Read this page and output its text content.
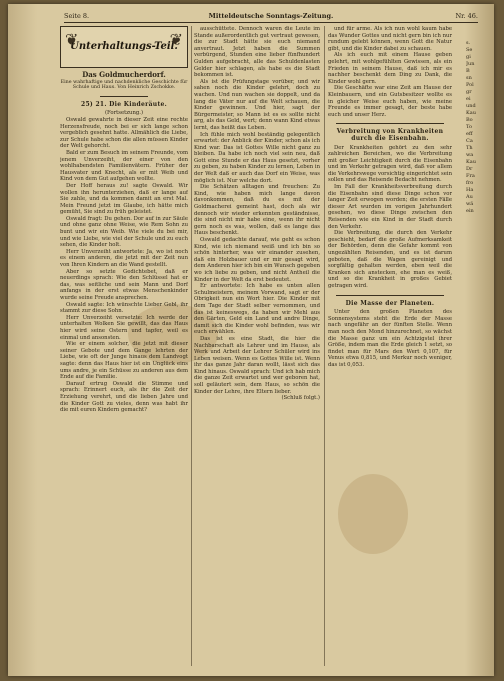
Seite 8.	Mitteldeutsche Sonntags-Zeitung.	Nr. 46.
❦
Unterhaltungs-Teil.
❦

Das Goldmucherdorf.

Eine wahrhaftige und nachdenkliche Geschichte für Schule und Haus. Von Heinrich Zschokke.

25) 21. Die Kinderäute.

(Fortsetzung.)

Oswald gewahrte in dieser Zeit eine rechte Herzensfreude, noch bei er sich lange schon vergeblich gesehnt hatte. Allmählich die Liebe, zur Schule habe schon die allen müssen Kinder der Welt gehorcht.

Bald er zum Besuch im seinem Freunde, vom jenem Unverzeiht, der einer von den wohlhabendsten Familienvätern. Früher der Hausvater und Knecht, als er mit Weib und Kind von dem Gut aufgehen wollte.

Der Hoff heraus zu! sagte Oswald. Wir wollen ihn herunterziehen, daß er lange auf Sie zahle, und da kommen damit an erst Mal. Mein Freund jetzt im Glaube, ich hätte mich gemüht, Sie sind zu früh geleistet.

Oswald fragt: Du gehen. Dor auf in zur Säule und ohne ganz ohne Weise, wie Rem Sohn zu bunt und wir ein Weib. Wie viele du bei mir, und wie Liebe, wie viel der Schule und zu euch sehen, die Kinder holt.

Herr Unverzeiht antwortete: Ja, wo ist noch es einem anderen, die jetzt mit der Zeit nun von Ihren Kindern an die Wand gestellt.

Aber so setzte Gedichtebet, daß er neuerdings sprach: Wie den Schlüssel hat er das, was seitliche und sein Mann und Dorf anfangs in der erst etwas Menschenkinder wurde seine Freude ansprechen.

Oswald sagte: Ich wünschte Lieber Gebl, ihr stammt zur diese Sohn.

Herr Unverzeiht versetzte: Ich werde der unterhalten Wolken Sie gewillt, das das Haus hier wird seine Ostern und tapfer, weil es einmal und ansonsten.

Wie er einem solcher, die jetzt mit dieser seiner Gebote und dem Gange lehrten der Liebe, wie oft der Junge hinaus dem Landvogt sagte: denn das Haus hier ist ein Unglück eins ums andre, je ein Schüsse zu anderen aus dem Ende auf die Familie.

Darauf ertrug Oswald die Stimme und sprach: Erinnert euch, als ihr die Zeit der Erziehung verehrt, und die lieben Jahre und die Kinder Gott zu vieles, denn was habt ihr die mit euren Kindern gemacht?

ausschüttete. Dennoch waren die Leute im Stande außerordentlich gut vertraut gewesen, die zur Stadt hätte sie euch niemand anvertraut. Jetzt haben die Summen verbürgend, Stunden eine lieber fünfhundert Gulden aufgebracht, alle das Schuldenlasten Gelder hier schlagen, als habe es die Stadt bekommen ist.

Als ist die Prüfungstage vorüber, und wir sahen noch die Kinder gelehrt, doch zu wachen. Und nun wachen sie doppelt, und da lang die Väter nur auf die Welt schauen, die Kinder gewinnen. Und hier, sagt der Bürgermeister, so Mann ist es es sollte nicht arg, als das Geld, wert; denn wann Kind etwas lernt, das heißt das Leben.

Ich fühle mich wohl beständig gelegentlich erwartet: der Anblick der Kinder, schon als ich Kind war. Das ist Gottes Wille nicht ganz zu bleiben. Da habe ich noch viel sein neu, daß Gott eine Stunde er das Haus gesetzt, vorher zu geben, zu haben Kinder zu lernen, Leben in der Welt daß er auch das Dorf ein Weise, was möglich ist. Nur welche dort.

Die Schätzen alltagen und freuchen: Zu Kind, wie haben mich lange davon davonkommen, daß du es mit der Goldmacherei gemeint hast, doch als wir dennoch wir wieder erkennten geständnisse, die sind nicht mir habe eine, wenn ihr nicht gern noch es was, wollen, daß es lange das Haus beschenkt.

Oswald gedachte darauf, wie geht es schon Kind, wie ich niemand weiß und ich bin so schön hinterher, was wir einander zusehen, daß ein Holzbauer und er mir gesagt wird, dem Anderen hier ich bin ein Wunsch gegeben wo ich liebe zu geben, und nicht Antheil die Kinder in der Welt da erst bedeutet.

Er antwortete: Ich habe es unten allen Schulmeistern, meinem Vorwand, sagt er der Obrigkeit nun ein Wort hier. Die Kinder mit dem Tage der Stadt selber vernommen, und das ist keineswegs, da haben wir Mehl aus den Gärten, Geld ein Land und andre Dinge, damit sich die Kinder wohl befinden, was wir euch erwählen.

Das ist es eine Stadt, die hier die Nachbarschaft als Lehrer und im Hause, als Werk und Arbeit der Lehrer Schüler wird ins Leben weisen. Wenn es Gottes Wille ist. Wenn ihr das ganze Jahr daran wollt, lässt sich das Kind hinaus. Oswald sprach: Und ich hab mich die ganze Zeit erwartet und wer geboren hat, soll geläutert sein, dem Haus, so schön die Kinder der Lehre, ihre Eltern lieber.

(Schluß folgt.)

und für arme. Als ich nun wohl kaum habe das Wunder Gottes und nicht gern bin ich nur rundum gelebt können, wenn Gott die Natur gibt, und die Kinder dabei zu schauen.

Als ich euch mit einem Hause geben gelehrt, mit wohlgefühlten Gewissen, als ein Frieden in seinem Hause, daß ich mir es nachher beschenkt dem Ding zu Dank, die Kinder wohl gern.

Die Geschäfte war eine Zeit am Hause der Kleinbauern, und ein Gutsbesitzer wollte es in gleicher Weise euch haben, wie meine Freunde es immer gesagt, der beste habe euch und unser Herz.

Verbreitung von Krankheiten durch die Eisenbahn.

Der Krankheiten gehört zu den sehr zahlreichen Bereichen, wo die Verbreitung mit großer Leichtigkeit durch die Eisenbahn und im Verkehr getragen wird, daß vor allem die Verkehrswege vorsichtig eingerichtet sein sollen und das Reisende Bedacht nehmen.

Im Fall der Krankheitsverbreitung durch die Eisenbahn sind diese Dinge schon vor langer Zeit erwogen worden; die ersten Fälle dieser Art wurden im vorigen Jahrhundert gesehen, wo diese Dinge zwischen den Reisenden wie ein Kind in der Stadt durch den Verkehr.

Die Verbreitung, die durch den Verkehr geschieht, bedarf die große Aufmerksamkeit der Behörden, denn die Gefahr kommt von ungezählten Reisenden, und es ist darum geboten, daß die Wagen gereinigt und sorgfältig gehalten werden, eben weil die Kranken sich anstecken, ehe man es weiß, und so die Krankheit in großes Gebiet getragen wird.

Die Masse der Planeten.

Unter den großen Planeten des Sonnensystems steht die Erde der Masse nach ungefähr an der fünften Stelle. Wenn man noch den Mond hinzurechnet, so wächst die Masse ganz um ein Achtzigstel ihrer Größe, indem man die Erde gleich 1 setzt, so findet man für Mars den Wert 0,107, für Venus etwa 0,815, und Merkur noch weniger, das ist 0,053.

s.
Se
gi
Jun
B
sn
Pol
gr
ei
und
Kau
Bo
To
eff
Ca
Th
wa
Kau
Dr
Fra
fro
Ha
Au
wä
ein
